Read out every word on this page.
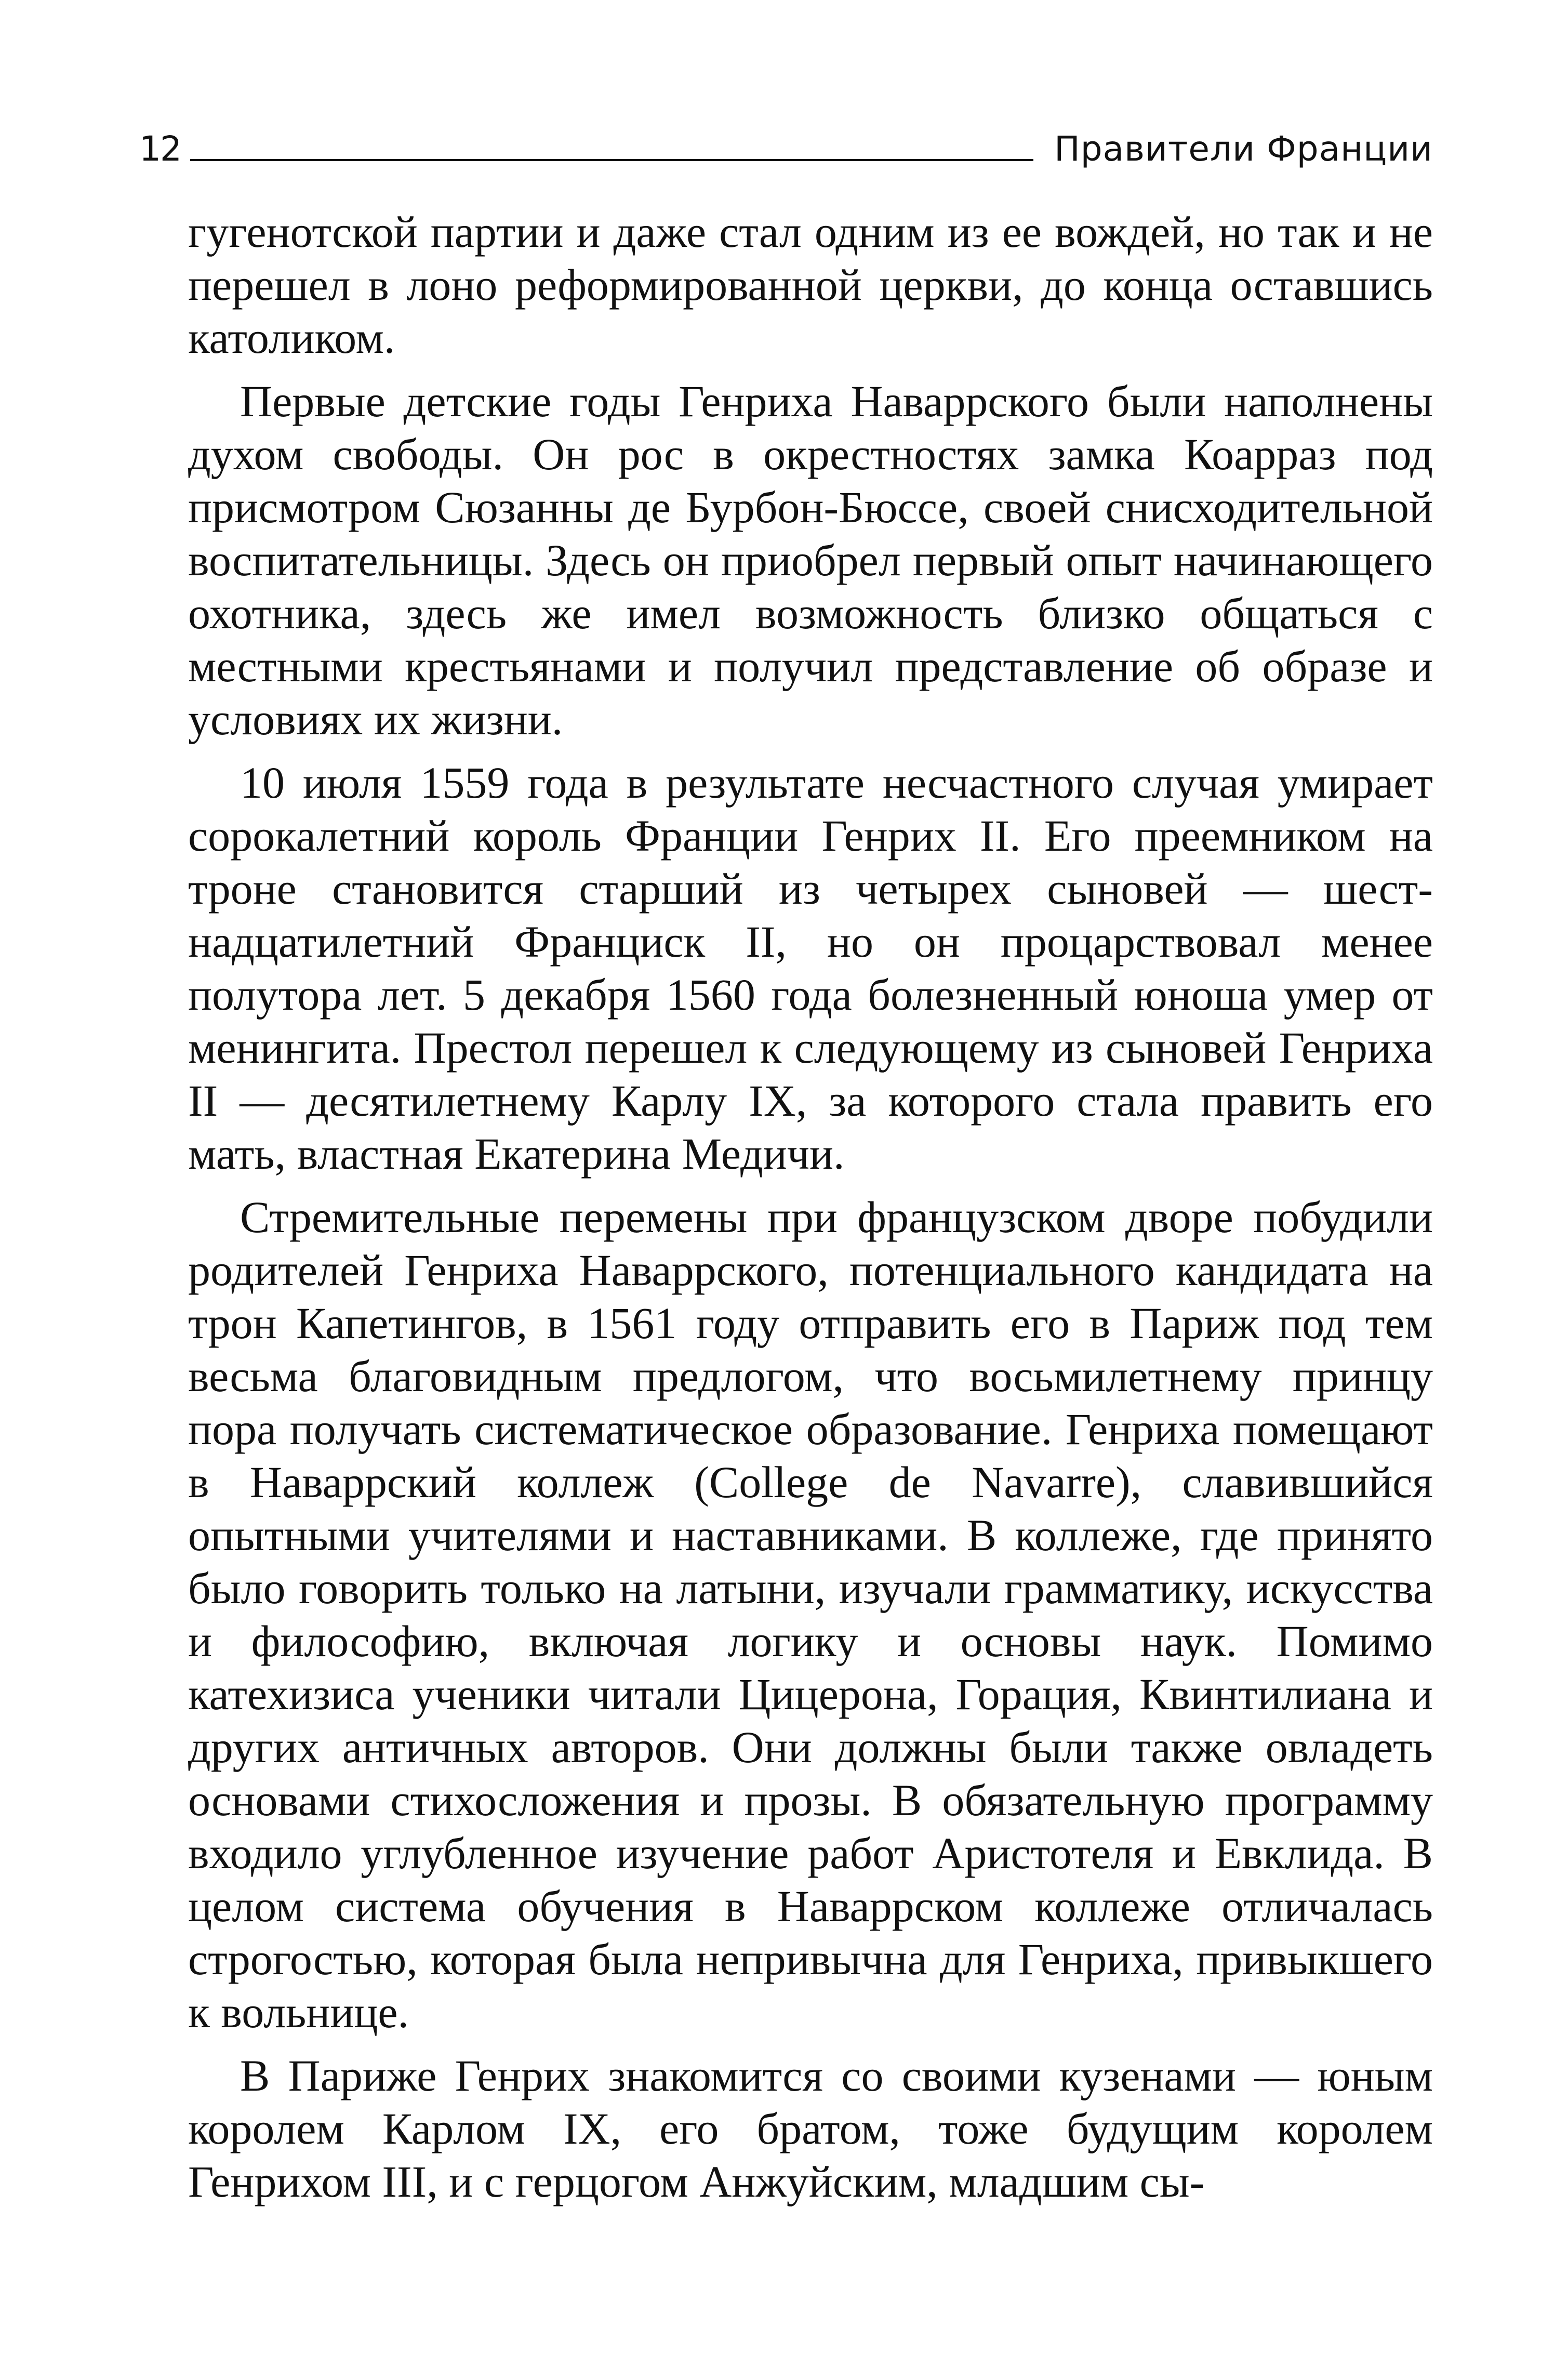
12	Правители Франции

гугенотской партии и даже стал одним из ее вождей, но так и не перешел в лоно реформированной церкви, до конца оставшись католиком.

Первые детские годы Генриха Наваррского были наполнены духом свободы. Он рос в окрестностях замка Коарраз под присмотром Сюзанны де Бурбон-Бюссе, своей снисходительной воспитательницы. Здесь он приобрел первый опыт начинающего охотника, здесь же имел возможность близко общаться с местными крестьянами и получил представление об образе и условиях их жизни.

10 июля 1559 года в результате несчастного случая умирает сорокалетний король Франции Генрих II. Его преемником на троне становится старший из четырех сыновей — шестнадцатилетний Франциск II, но он процарствовал менее полутора лет. 5 декабря 1560 года болезненный юноша умер от менингита. Престол перешел к следующему из сыновей Генриха II — десятилетнему Карлу IX, за которого стала править его мать, властная Екатерина Медичи.

Стремительные перемены при французском дворе побудили родителей Генриха Наваррского, потенциального кандидата на трон Капетингов, в 1561 году отправить его в Париж под тем весьма благовидным предлогом, что восьмилетнему принцу пора получать систематическое образование. Генриха помещают в Наваррский коллеж (College de Navarre), славившийся опытными учителями и наставниками. В коллеже, где принято было говорить только на латыни, изучали грамматику, искусства и философию, включая логику и основы наук. Помимо катехизиса ученики читали Цицерона, Горация, Квинтилиана и других античных авторов. Они должны были также овладеть основами стихосложения и прозы. В обязательную программу входило углубленное изучение работ Аристотеля и Евклида. В целом система обучения в Наваррском коллеже отличалась строгостью, которая была непривычна для Генриха, привыкшего к вольнице.

В Париже Генрих знакомится со своими кузенами — юным королем Карлом IX, его братом, тоже будущим королем Генрихом III, и с герцогом Анжуйским, младшим сы-
